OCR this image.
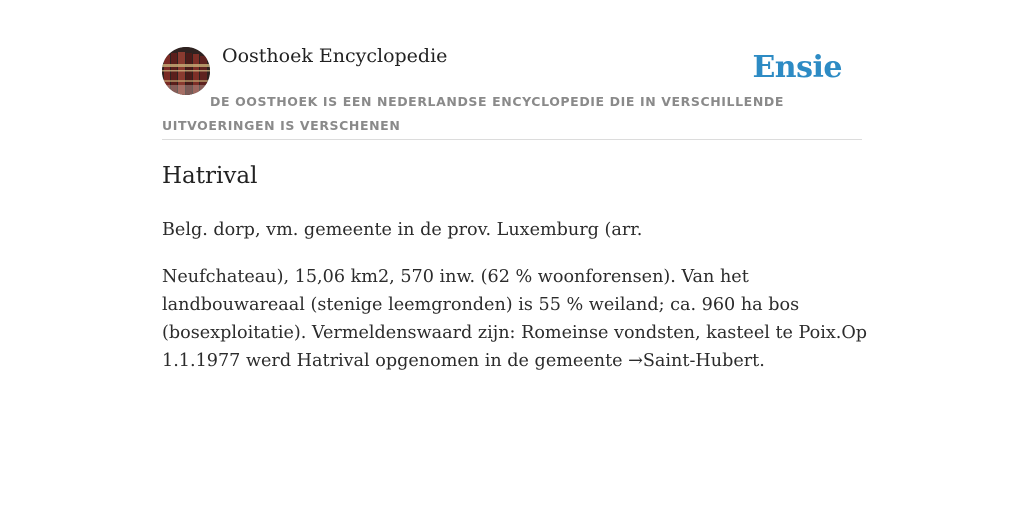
Oosthoek Encyclopedie	Ensie
DE OOSTHOEK IS EEN NEDERLANDSE ENCYCLOPEDIE DIE IN VERSCHILLENDE UITVOERINGEN IS VERSCHENEN
Hatrival

Belg. dorp, vm. gemeente in de prov. Luxemburg (arr.

Neufchateau), 15,06 km2, 570 inw. (62 % woonforensen). Van het landbouwareaal (stenige leemgronden) is 55 % weiland; ca. 960 ha bos (bosexploitatie). Vermeldenswaard zijn: Romeinse vondsten, kasteel te Poix.Op 1.1.1977 werd Hatrival opgenomen in de gemeente →Saint-Hubert.
